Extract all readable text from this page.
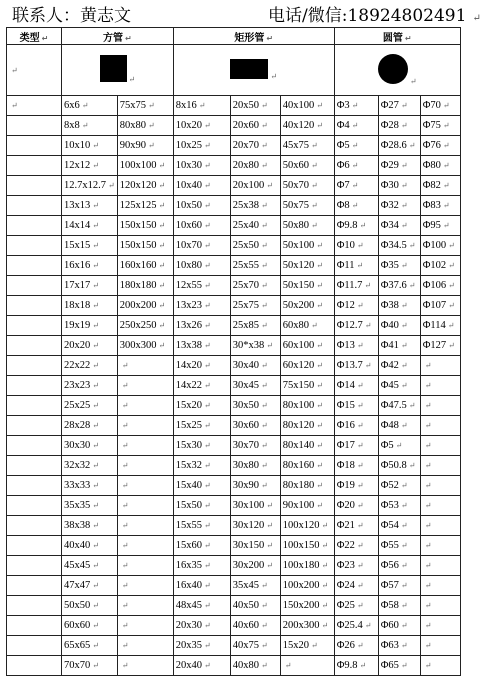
联系人：黄志文	电话/微信:18924802491 ↵
类型 ↵	方管 ↵		矩形管 ↵			圆管 ↵		
↵	↵		↵			↵		
↵	6x6 ↵	75x75 ↵	8x16 ↵	20x50 ↵	40x100 ↵	Φ3 ↵	Φ27 ↵	Φ70 ↵
	8x8 ↵	80x80 ↵	10x20 ↵	20x60 ↵	40x120 ↵	Φ4 ↵	Φ28 ↵	Φ75 ↵
	10x10 ↵	90x90 ↵	10x25 ↵	20x70 ↵	45x75 ↵	Φ5 ↵	Φ28.6 ↵	Φ76 ↵
	12x12 ↵	100x100 ↵	10x30 ↵	20x80 ↵	50x60 ↵	Φ6 ↵	Φ29 ↵	Φ80 ↵
	12.7x12.7 ↵	120x120 ↵	10x40 ↵	20x100 ↵	50x70 ↵	Φ7 ↵	Φ30 ↵	Φ82 ↵
	13x13 ↵	125x125 ↵	10x50 ↵	25x38 ↵	50x75 ↵	Φ8 ↵	Φ32 ↵	Φ83 ↵
	14x14 ↵	150x150 ↵	10x60 ↵	25x40 ↵	50x80 ↵	Φ9.8 ↵	Φ34 ↵	Φ95 ↵
	15x15 ↵	150x150 ↵	10x70 ↵	25x50 ↵	50x100 ↵	Φ10 ↵	Φ34.5 ↵	Φ100 ↵
	16x16 ↵	160x160 ↵	10x80 ↵	25x55 ↵	50x120 ↵	Φ11 ↵	Φ35 ↵	Φ102 ↵
	17x17 ↵	180x180 ↵	12x55 ↵	25x70 ↵	50x150 ↵	Φ11.7 ↵	Φ37.6 ↵	Φ106 ↵
	18x18 ↵	200x200 ↵	13x23 ↵	25x75 ↵	50x200 ↵	Φ12 ↵	Φ38 ↵	Φ107 ↵
	19x19 ↵	250x250 ↵	13x26 ↵	25x85 ↵	60x80 ↵	Φ12.7 ↵	Φ40 ↵	Φ114 ↵
	20x20 ↵	300x300 ↵	13x38 ↵	30*x38 ↵	60x100 ↵	Φ13 ↵	Φ41 ↵	Φ127 ↵
	22x22 ↵	↵	14x20 ↵	30x40 ↵	60x120 ↵	Φ13.7 ↵	Φ42 ↵	↵
	23x23 ↵	↵	14x22 ↵	30x45 ↵	75x150 ↵	Φ14 ↵	Φ45 ↵	↵
	25x25 ↵	↵	15x20 ↵	30x50 ↵	80x100 ↵	Φ15 ↵	Φ47.5 ↵	↵
	28x28 ↵	↵	15x25 ↵	30x60 ↵	80x120 ↵	Φ16 ↵	Φ48 ↵	↵
	30x30 ↵	↵	15x30 ↵	30x70 ↵	80x140 ↵	Φ17 ↵	Φ5 ↵	↵
	32x32 ↵	↵	15x32 ↵	30x80 ↵	80x160 ↵	Φ18 ↵	Φ50.8 ↵	↵
	33x33 ↵	↵	15x40 ↵	30x90 ↵	80x180 ↵	Φ19 ↵	Φ52 ↵	↵
	35x35 ↵	↵	15x50 ↵	30x100 ↵	90x100 ↵	Φ20 ↵	Φ53 ↵	↵
	38x38 ↵	↵	15x55 ↵	30x120 ↵	100x120 ↵	Φ21 ↵	Φ54 ↵	↵
	40x40 ↵	↵	15x60 ↵	30x150 ↵	100x150 ↵	Φ22 ↵	Φ55 ↵	↵
	45x45 ↵	↵	16x35 ↵	30x200 ↵	100x180 ↵	Φ23 ↵	Φ56 ↵	↵
	47x47 ↵	↵	16x40 ↵	35x45 ↵	100x200 ↵	Φ24 ↵	Φ57 ↵	↵
	50x50 ↵	↵	48x45 ↵	40x50 ↵	150x200 ↵	Φ25 ↵	Φ58 ↵	↵
	60x60 ↵	↵	20x30 ↵	40x60 ↵	200x300 ↵	Φ25.4 ↵	Φ60 ↵	↵
	65x65 ↵	↵	20x35 ↵	40x75 ↵	15x20 ↵	Φ26 ↵	Φ63 ↵	↵
	70x70 ↵	↵	20x40 ↵	40x80 ↵	↵	Φ9.8 ↵	Φ65 ↵	↵
